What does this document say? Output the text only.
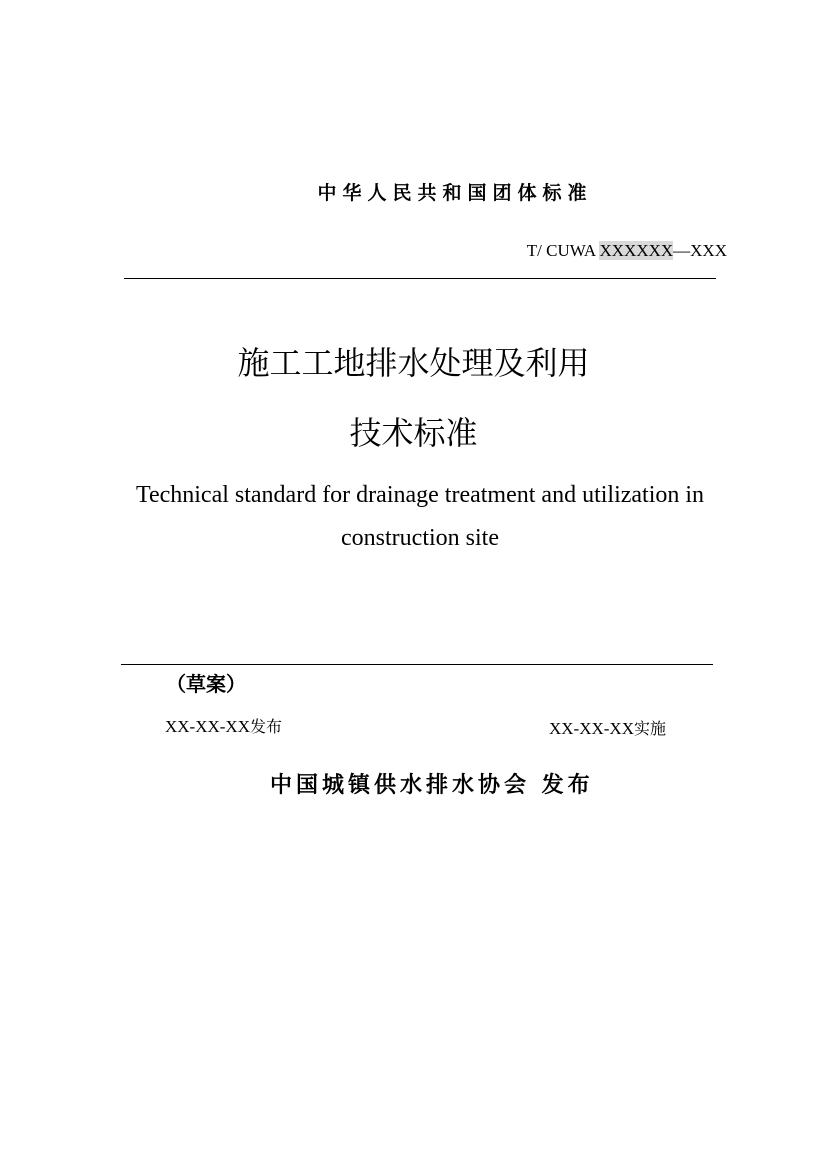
中华人民共和国团体标准
T/ CUWA XXXXXX—XXX
施工工地排水处理及利用
技术标准
Technical standard for drainage treatment and utilization in construction site
（草案）
XX-XX-XX发布	XX-XX-XX实施
中国城镇供水排水协会 发布
